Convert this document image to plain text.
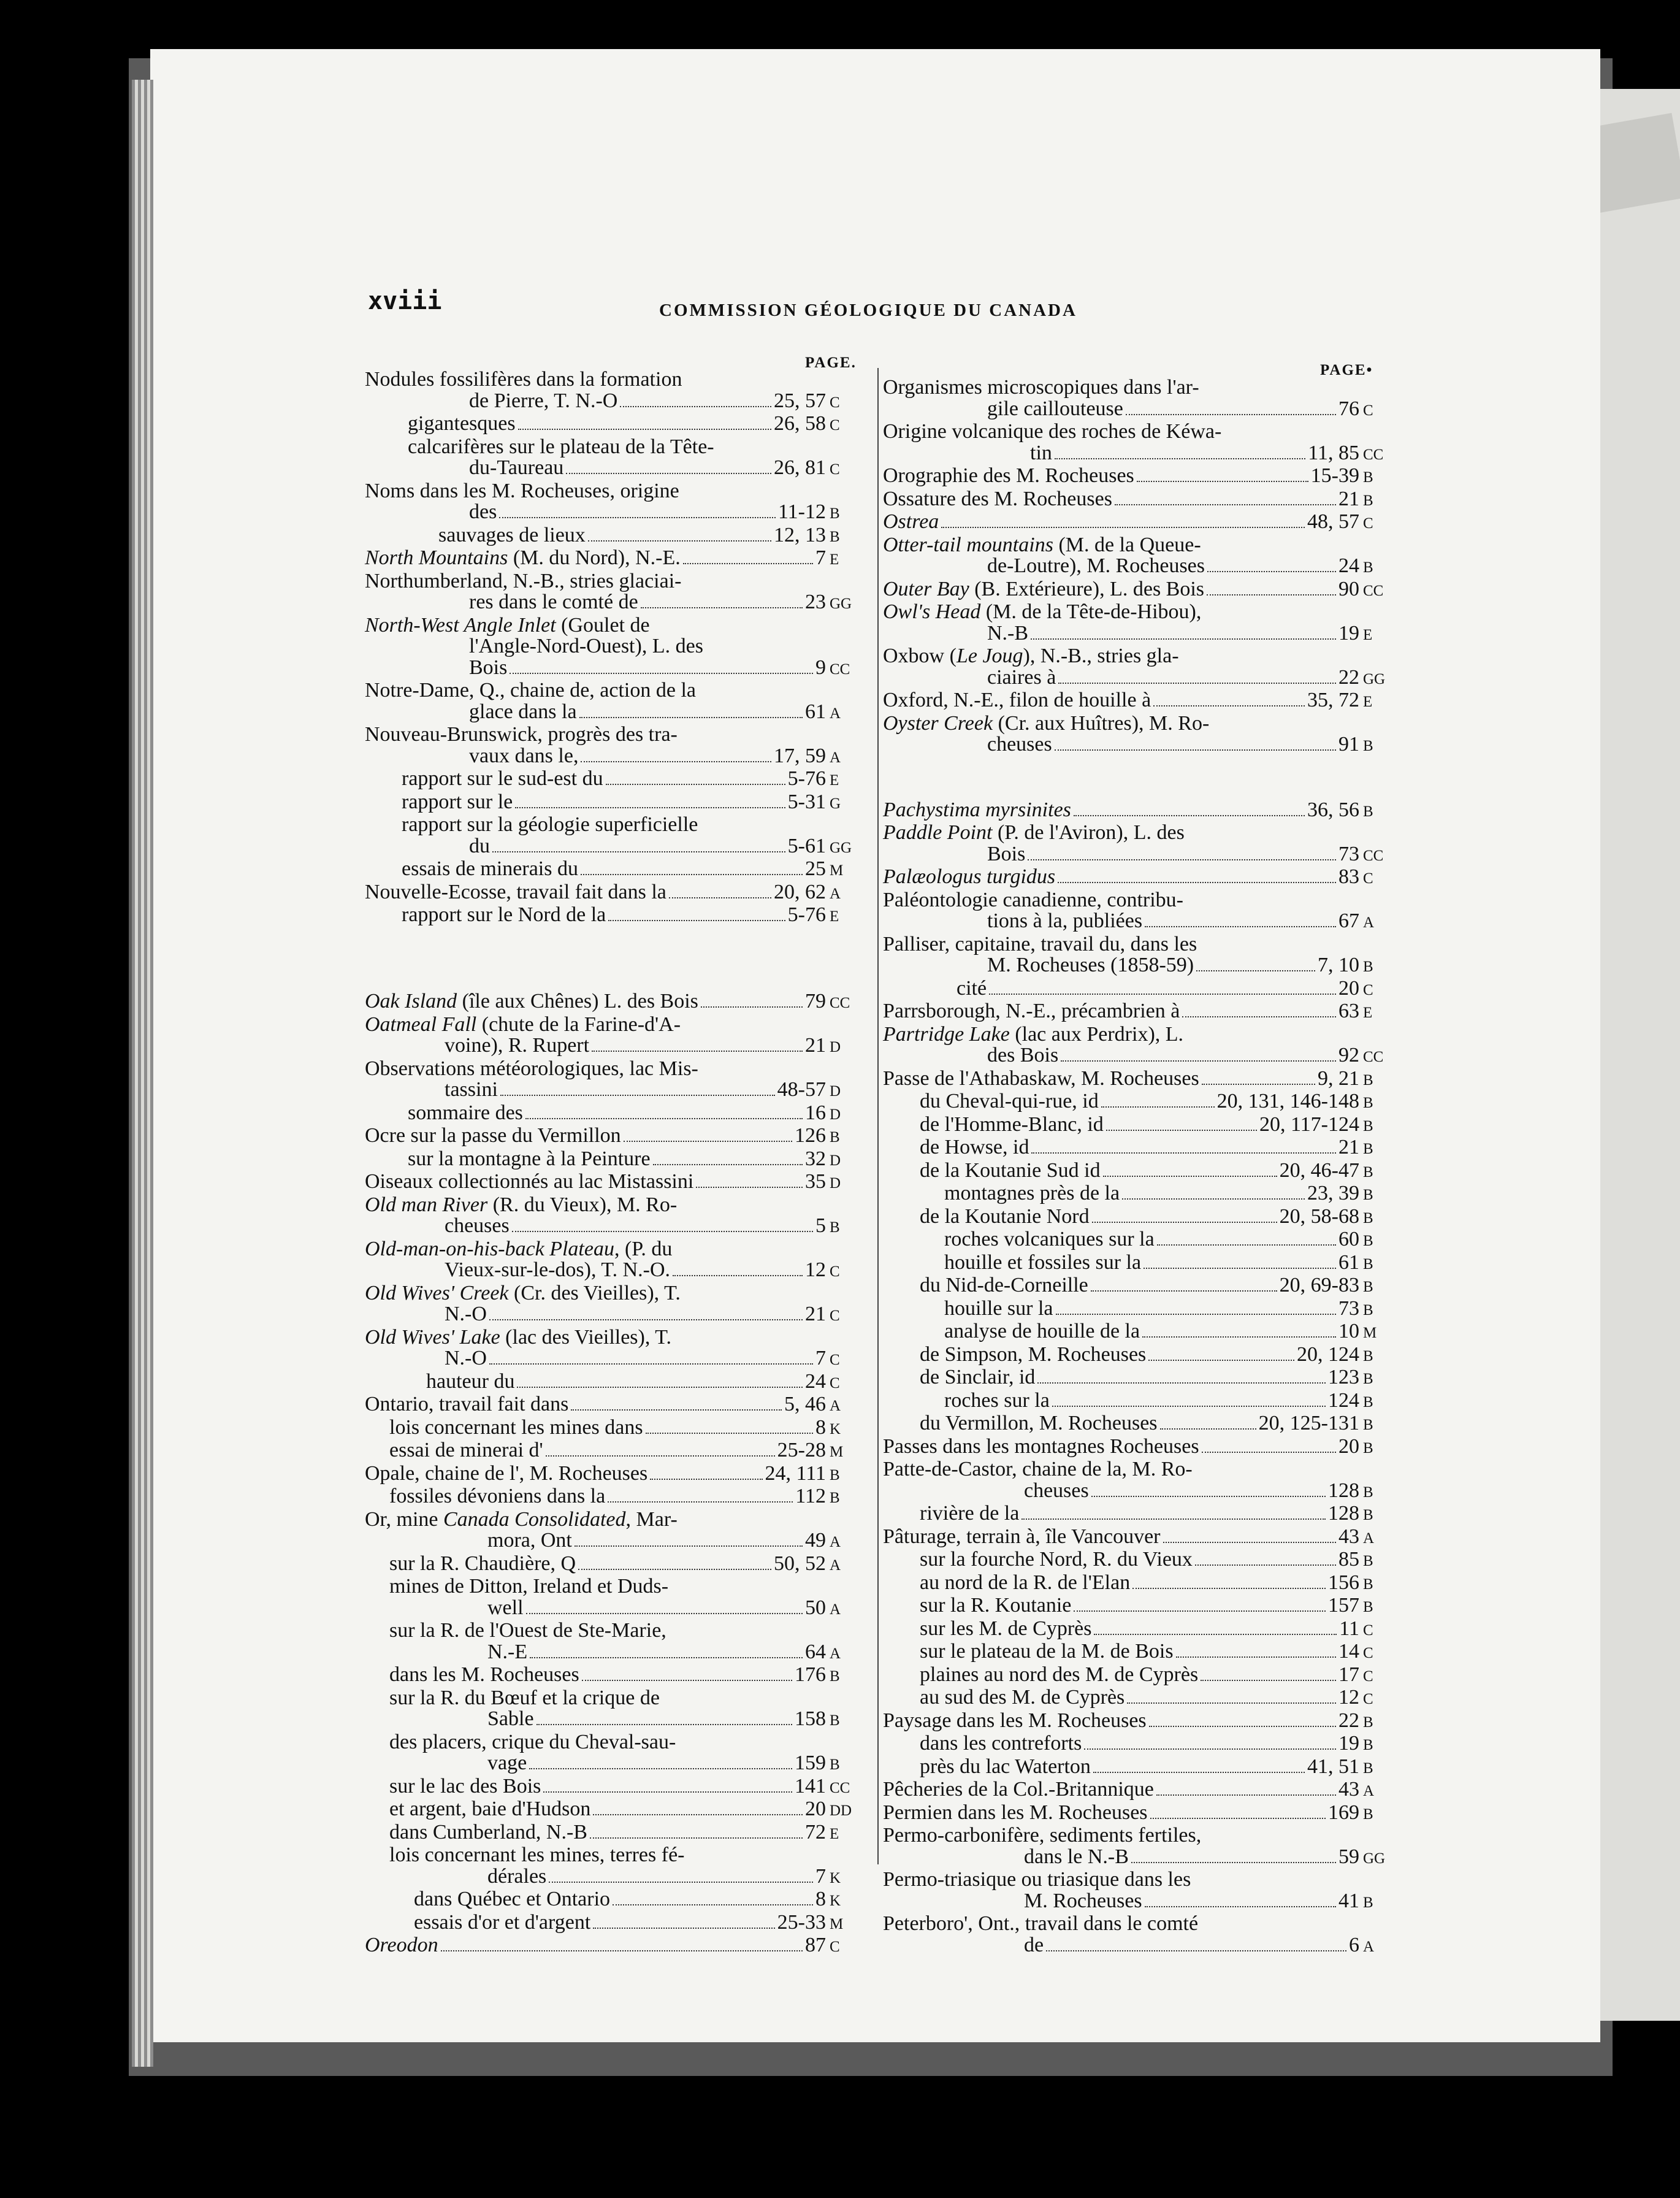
xviii	COMMISSION GÉOLOGIQUE DU CANADA
PAGE.	PAGE•
Nodules fossilifères dans la formation
de Pierre, T. N.-O	25, 57 C
gigantesques	26, 58 C
calcarifères sur le plateau de la Tête-
du-Taureau	26, 81 C
Noms dans les M. Rocheuses, origine
des	11-12 B
sauvages de lieux	12, 13 B
North Mountains (M. du Nord), N.-E.	7 E
Northumberland, N.-B., stries glaciai-
res dans le comté de	23 GG
North-West Angle Inlet (Goulet de
l'Angle-Nord-Ouest), L. des
Bois	9 CC
Notre-Dame, Q., chaine de, action de la
glace dans la	61 A
Nouveau-Brunswick, progrès des tra-
vaux dans le,	17, 59 A
rapport sur le sud-est du	5-76 E
rapport sur le	5-31 G
rapport sur la géologie superficielle
du	5-61 GG
essais de minerais du	25 M
Nouvelle-Ecosse, travail fait dans la	20, 62 A
rapport sur le Nord de la	5-76 E
Oak Island (île aux Chênes) L. des Bois	79 CC
Oatmeal Fall (chute de la Farine-d'A-
voine), R. Rupert	21 D
Observations météorologiques, lac Mis-
tassini	48-57 D
sommaire des	16 D
Ocre sur la passe du Vermillon	126 B
sur la montagne à la Peinture	32 D
Oiseaux collectionnés au lac Mistassini	35 D
Old man River (R. du Vieux), M. Ro-
cheuses	5 B
Old-man-on-his-back Plateau, (P. du
Vieux-sur-le-dos), T. N.-O.	12 C
Old Wives' Creek (Cr. des Vieilles), T.
N.-O	21 C
Old Wives' Lake (lac des Vieilles), T.
N.-O	7 C
hauteur du	24 C
Ontario, travail fait dans	5, 46 A
lois concernant les mines dans	8 K
essai de minerai d'	25-28 M
Opale, chaine de l', M. Rocheuses	24, 111 B
fossiles dévoniens dans la	112 B
Or, mine Canada Consolidated, Mar-
mora, Ont	49 A
sur la R. Chaudière, Q	50, 52 A
mines de Ditton, Ireland et Duds-
well	50 A
sur la R. de l'Ouest de Ste-Marie,
N.-E	64 A
dans les M. Rocheuses	176 B
sur la R. du Bœuf et la crique de
Sable	158 B
des placers, crique du Cheval-sau-
vage	159 B
sur le lac des Bois	141 CC
et argent, baie d'Hudson	20 DD
dans Cumberland, N.-B	72 E
lois concernant les mines, terres fé-
dérales	7 K
dans Québec et Ontario	8 K
essais d'or et d'argent	25-33 M
Oreodon	87 C
Organismes microscopiques dans l'ar-
gile caillouteuse	76 C
Origine volcanique des roches de Kéwa-
tin	11, 85 CC
Orographie des M. Rocheuses	15-39 B
Ossature des M. Rocheuses	21 B
Ostrea	48, 57 C
Otter-tail mountains (M. de la Queue-
de-Loutre), M. Rocheuses	24 B
Outer Bay (B. Extérieure), L. des Bois	90 CC
Owl's Head (M. de la Tête-de-Hibou),
N.-B	19 E
Oxbow (Le Joug), N.-B., stries gla-
ciaires à	22 GG
Oxford, N.-E., filon de houille à	35, 72 E
Oyster Creek (Cr. aux Huîtres), M. Ro-
cheuses	91 B
Pachystima myrsinites	36, 56 B
Paddle Point (P. de l'Aviron), L. des
Bois	73 CC
Palæologus turgidus	83 C
Paléontologie canadienne, contribu-
tions à la, publiées	67 A
Palliser, capitaine, travail du, dans les
M. Rocheuses (1858-59)	7, 10 B
cité	20 C
Parrsborough, N.-E., précambrien à	63 E
Partridge Lake (lac aux Perdrix), L.
des Bois	92 CC
Passe de l'Athabaskaw, M. Rocheuses	9, 21 B
du Cheval-qui-rue, id	20, 131, 146-148 B
de l'Homme-Blanc, id	20, 117-124 B
de Howse, id	21 B
de la Koutanie Sud id	20, 46-47 B
montagnes près de la	23, 39 B
de la Koutanie Nord	20, 58-68 B
roches volcaniques sur la	60 B
houille et fossiles sur la	61 B
du Nid-de-Corneille	20, 69-83 B
houille sur la	73 B
analyse de houille de la	10 M
de Simpson, M. Rocheuses	20, 124 B
de Sinclair, id	123 B
roches sur la	124 B
du Vermillon, M. Rocheuses	20, 125-131 B
Passes dans les montagnes Rocheuses	20 B
Patte-de-Castor, chaine de la, M. Ro-
cheuses	128 B
rivière de la	128 B
Pâturage, terrain à, île Vancouver	43 A
sur la fourche Nord, R. du Vieux	85 B
au nord de la R. de l'Elan	156 B
sur la R. Koutanie	157 B
sur les M. de Cyprès	11 C
sur le plateau de la M. de Bois	14 C
plaines au nord des M. de Cyprès	17 C
au sud des M. de Cyprès	12 C
Paysage dans les M. Rocheuses	22 B
dans les contreforts	19 B
près du lac Waterton	41, 51 B
Pêcheries de la Col.-Britannique	43 A
Permien dans les M. Rocheuses	169 B
Permo-carbonifère, sediments fertiles,
dans le N.-B	59 GG
Permo-triasique ou triasique dans les
M. Rocheuses	41 B
Peterboro', Ont., travail dans le comté
de	6 A
